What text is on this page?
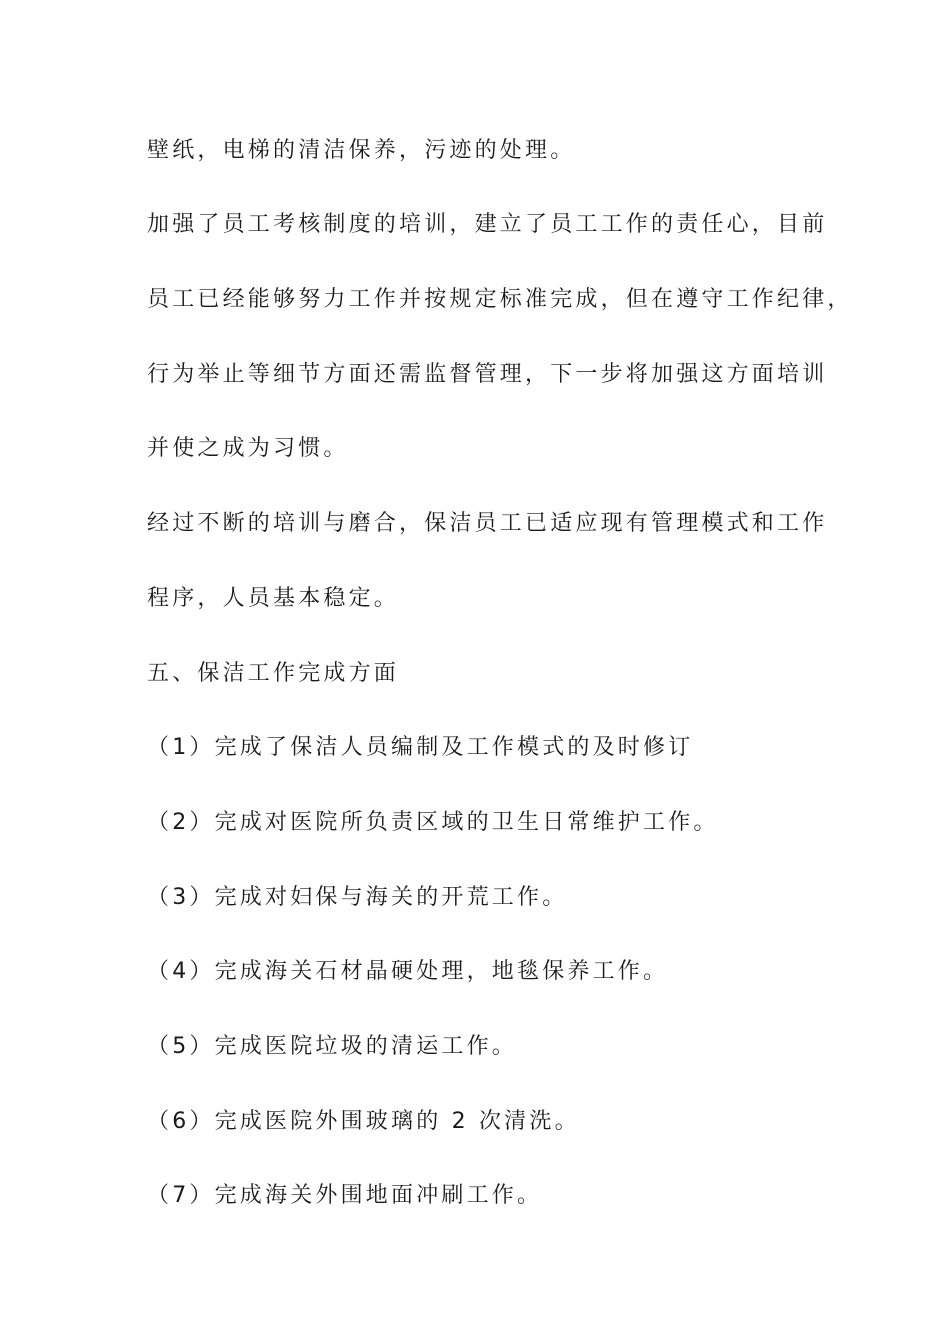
壁纸，电梯的清洁保养，污迹的处理。
加强了员工考核制度的培训，建立了员工工作的责任心，目前
员工已经能够努力工作并按规定标准完成，但在遵守工作纪律，
行为举止等细节方面还需监督管理，下一步将加强这方面培训
并使之成为习惯。
经过不断的培训与磨合，保洁员工已适应现有管理模式和工作
程序，人员基本稳定。
五、保洁工作完成方面
（1）完成了保洁人员编制及工作模式的及时修订
（2）完成对医院所负责区域的卫生日常维护工作。
（3）完成对妇保与海关的开荒工作。
（4）完成海关石材晶硬处理，地毯保养工作。
（5）完成医院垃圾的清运工作。
（6）完成医院外围玻璃的 2 次清洗。
（7）完成海关外围地面冲刷工作。
